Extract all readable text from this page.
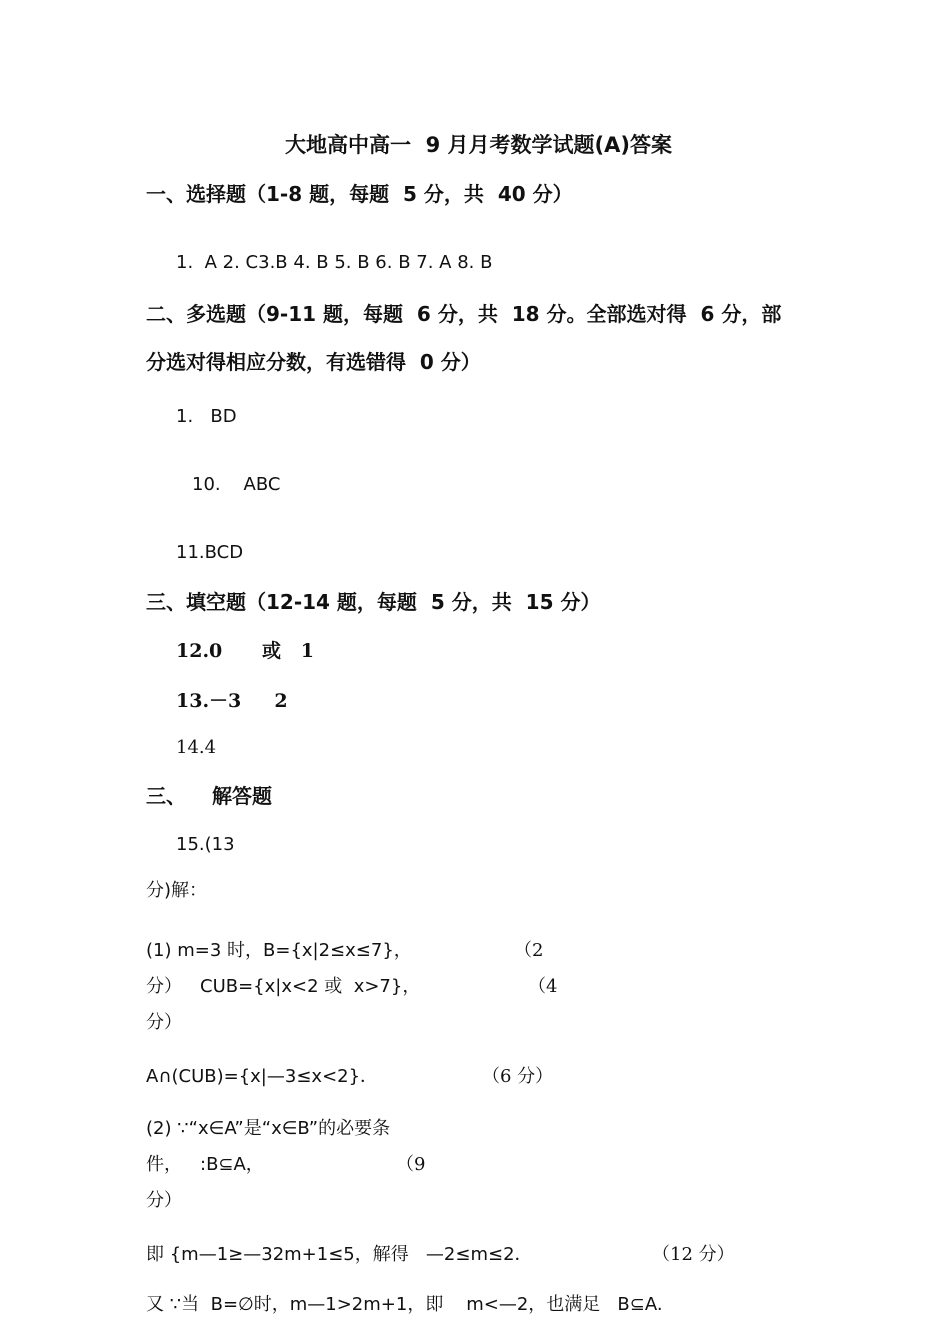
大地高中高一  9 月月考数学试题(A)答案
一、选择题（1-8 题，每题  5 分，共  40 分）
1.  A 2. C3.B 4. B 5. B 6. B 7. A 8. B
二、多选题（9-11 题，每题  6 分，共  18 分。全部选对得  6 分，部
分选对得相应分数，有选错得  0 分）
1.   BD
10.    ABC
11.BCD
三、填空题（12-14 题，每题  5 分，共  15 分）
12.0      或   1
13.－3     2
14.4
三、 解答题
15.(13
分)解：
(1) m=3 时，B={x|2≤x≤7}，	（2
分） CUB={x|x<2 或  x>7}，	（4
分）
A∩(CUB)={x|—3≤x<2}．	（6 分）
(2) ∵“x∈A”是“x∈B”的必要条
件， :B⊆A，	（9
分）
即 {m—1≥—32m+1≤5，解得   —2≤m≤2．	（12 分）
又 ∵当  B=∅时，m—1>2m+1，即    m<—2，也满足   B⊆A.
